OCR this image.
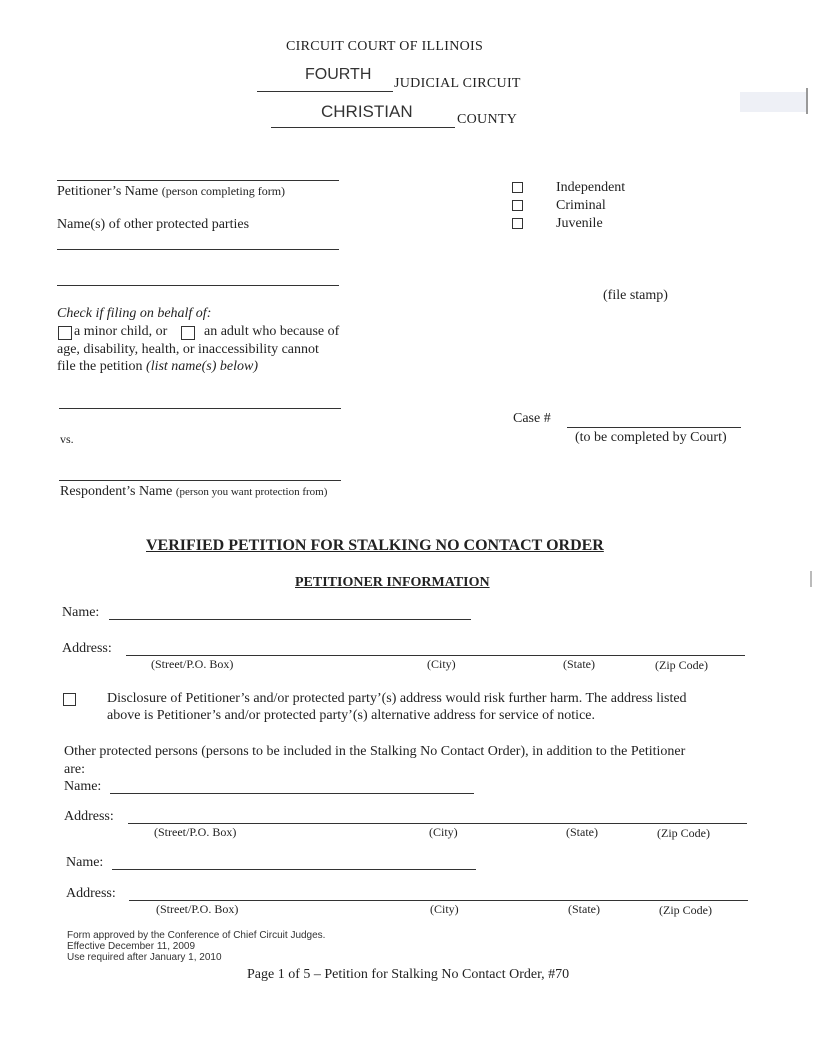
CIRCUIT COURT OF ILLINOIS
FOURTH
JUDICIAL CIRCUIT
CHRISTIAN	COUNTY
Petitioner’s Name (person completing form)
Name(s) of other protected parties
Independent
Criminal
Juvenile
(file stamp)
Check if filing on behalf of:
a minor child, or	an adult who because of
age, disability, health, or inaccessibility cannot
file the petition (list name(s) below)
Case #
(to be completed by Court)
vs.
Respondent’s Name (person you want protection from)
VERIFIED PETITION FOR STALKING NO CONTACT ORDER
PETITIONER INFORMATION
Name:
Address:
(Street/P.O. Box)	(City)	(State)	(Zip Code)
Disclosure of Petitioner’s and/or protected party’(s) address would risk further harm. The address listed
above is Petitioner’s and/or protected party’(s) alternative address for service of notice.
Other protected persons (persons to be included in the Stalking No Contact Order), in addition to the Petitioner
are:
Name:
Address:
(Street/P.O. Box)	(City)	(State)	(Zip Code)
Name:
Address:
(Street/P.O. Box)	(City)	(State)	(Zip Code)
Form approved by the Conference of Chief Circuit Judges.
Effective December 11, 2009
Use required after January 1, 2010
Page 1 of 5 – Petition for Stalking No Contact Order, #70
